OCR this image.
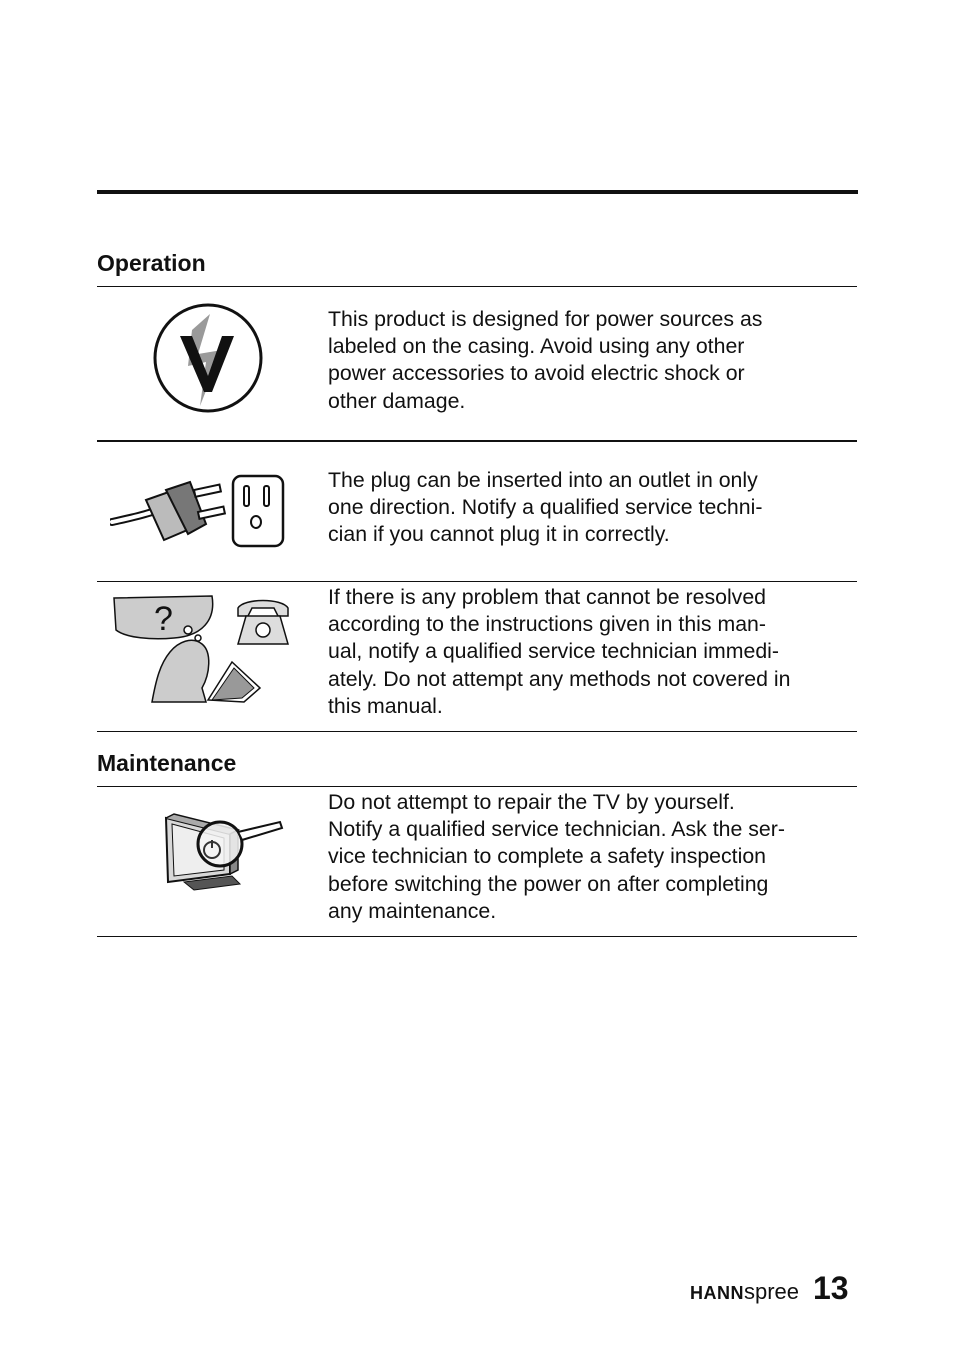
Operation

This product is designed for power sources as
labeled on the casing. Avoid using any other
power accessories to avoid electric shock or
other damage.

The plug can be inserted into an outlet in only
one direction. Notify a qualified service techni-
cian if you cannot plug it in correctly.

?

If there is any problem that cannot be resolved
according to the instructions given in this man-
ual, notify a qualified service technician immedi-
ately. Do not attempt any methods not covered in
this manual.

Maintenance

Do not attempt to repair the TV by yourself.
Notify a qualified service technician. Ask the ser-
vice technician to complete a safety inspection
before switching the power on after completing
any maintenance.

HANNspree 13
